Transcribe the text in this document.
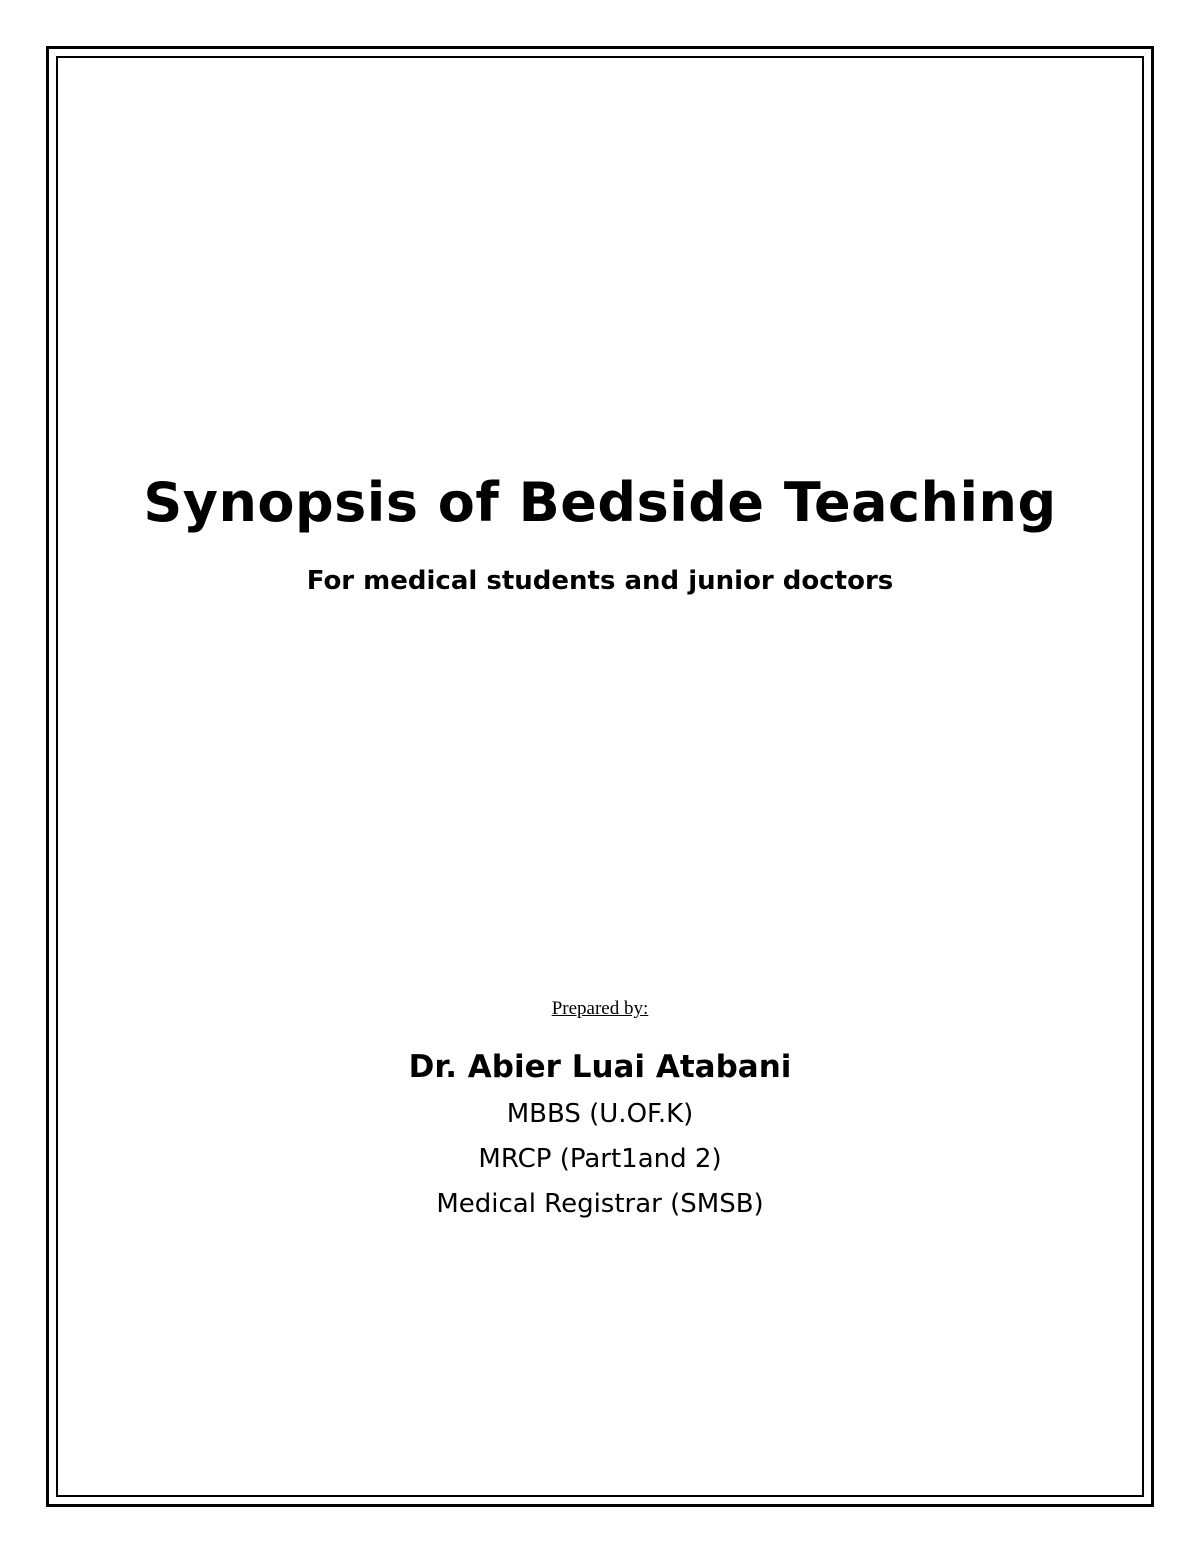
Synopsis of Bedside Teaching
For medical students and junior doctors
Prepared by:
Dr. Abier Luai Atabani
MBBS (U.OF.K)
MRCP (Part1and 2)
Medical Registrar (SMSB)
